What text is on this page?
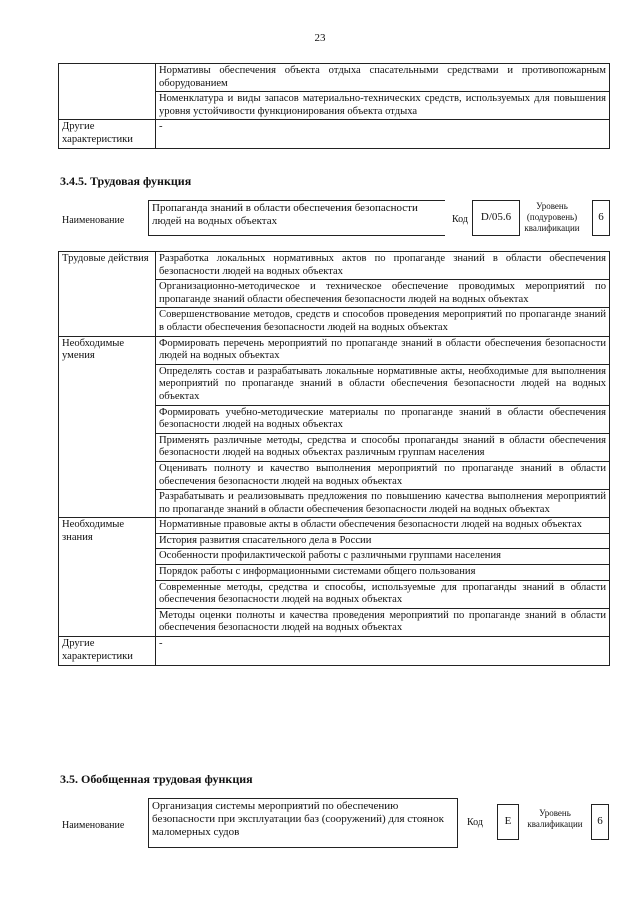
23
	Нормативы обеспечения объекта отдыха спасательными средствами и противопожарным оборудованием
	Номенклатура и виды запасов материально-технических средств, используемых для повышения уровня устойчивости функционирования объекта отдыха
Другие характеристики	-
3.4.5. Трудовая функция
Наименование
Пропаганда знаний в области обеспечения безопасности людей на водных объектах	Код	D/05.6
Уровень (подуровень) квалификации
6
Трудовые действия	Разработка локальных нормативных актов по пропаганде знаний в области обеспечения безопасности людей на водных объектах
	Организационно-методическое и техническое обеспечение проводимых мероприятий по пропаганде знаний области обеспечения безопасности людей на водных объектах
	Совершенствование методов, средств и способов проведения мероприятий по пропаганде знаний в области обеспечения безопасности людей на водных объектах
Необходимые умения	Формировать перечень мероприятий по пропаганде знаний в области обеспечения безопасности людей на водных объектах
	Определять состав и разрабатывать локальные нормативные акты, необходимые для выполнения мероприятий по пропаганде знаний в области обеспечения безопасности людей на водных объектах
	Формировать учебно-методические материалы по пропаганде знаний в области обеспечения безопасности людей на водных объектах
	Применять различные методы, средства и способы пропаганды знаний в области обеспечения безопасности людей на водных объектах различным группам населения
	Оценивать полноту и качество выполнения мероприятий по пропаганде знаний в области обеспечения безопасности людей на водных объектах
	Разрабатывать и реализовывать предложения по повышению качества выполнения мероприятий по пропаганде знаний в области обеспечения безопасности людей на водных объектах
Необходимые знания	Нормативные правовые акты в области обеспечения безопасности людей на водных объектах
	История развития спасательного дела в России
	Особенности профилактической работы с различными группами населения
	Порядок работы с информационными системами общего пользования
	Современные методы, средства и способы, используемые для пропаганды знаний в области обеспечения безопасности людей на водных объектах
	Методы оценки полноты и качества проведения мероприятий по пропаганде знаний в области обеспечения безопасности людей на водных объектах
Другие характеристики	-
3.5. Обобщенная трудовая функция
Наименование
Организация системы мероприятий по обеспечению безопасности при эксплуатации баз (сооружений) для стоянок маломерных судов
Код	E
Уровень квалификации	6
